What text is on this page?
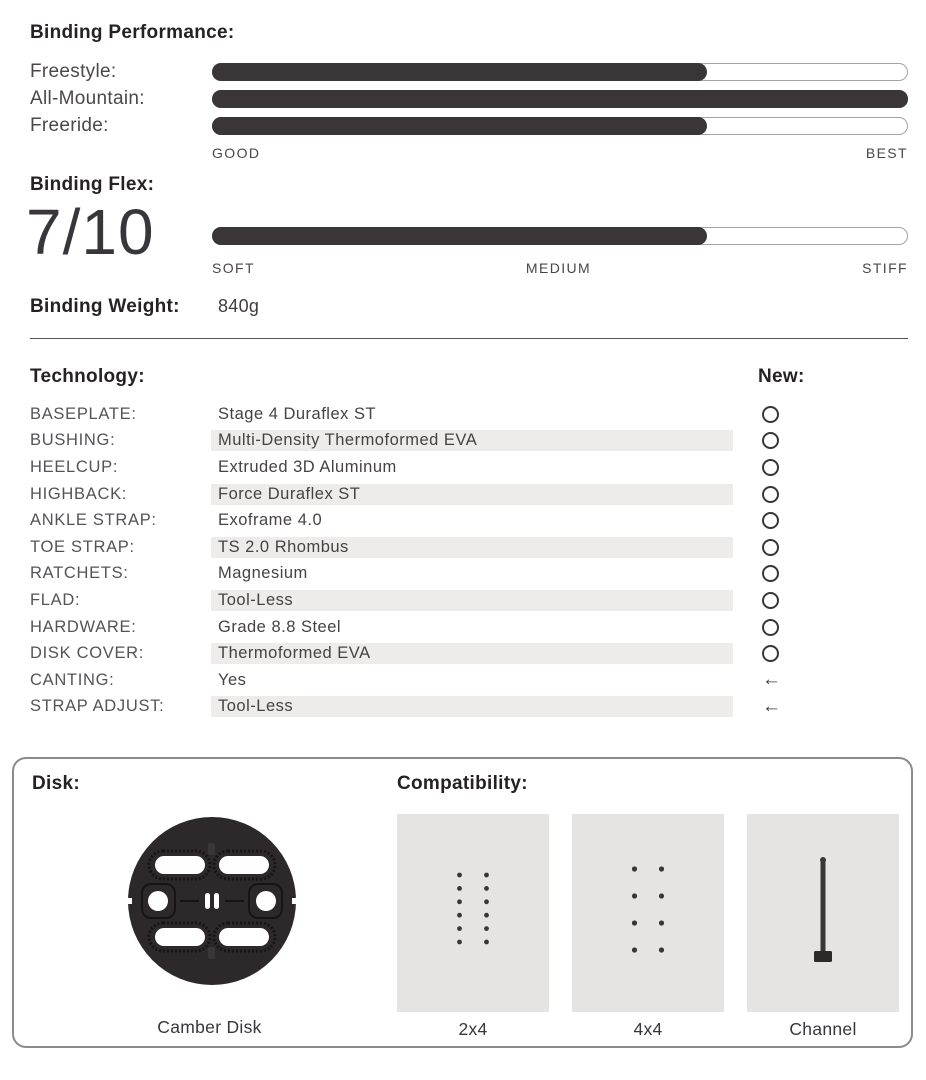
Binding Performance:
Freestyle:
All-Mountain:
Freeride:
GOOD	BEST
Binding Flex:
7/10	SOFT	MEDIUM	STIFF
Binding Weight:	840g
Technology:	New:
BASEPLATE:	Stage 4 Duraflex ST
BUSHING:	Multi-Density Thermoformed EVA
HEELCUP:	Extruded 3D Aluminum
HIGHBACK:	Force Duraflex ST
ANKLE STRAP:	Exoframe 4.0
TOE STRAP:	TS 2.0 Rhombus
RATCHETS:	Magnesium
FLAD:	Tool-Less
HARDWARE:	Grade 8.8 Steel
DISK COVER:	Thermoformed EVA
CANTING:	Yes	←
STRAP ADJUST:	Tool-Less	←
Disk:	Compatibility:
Camber Disk	2x4	4x4	Channel
